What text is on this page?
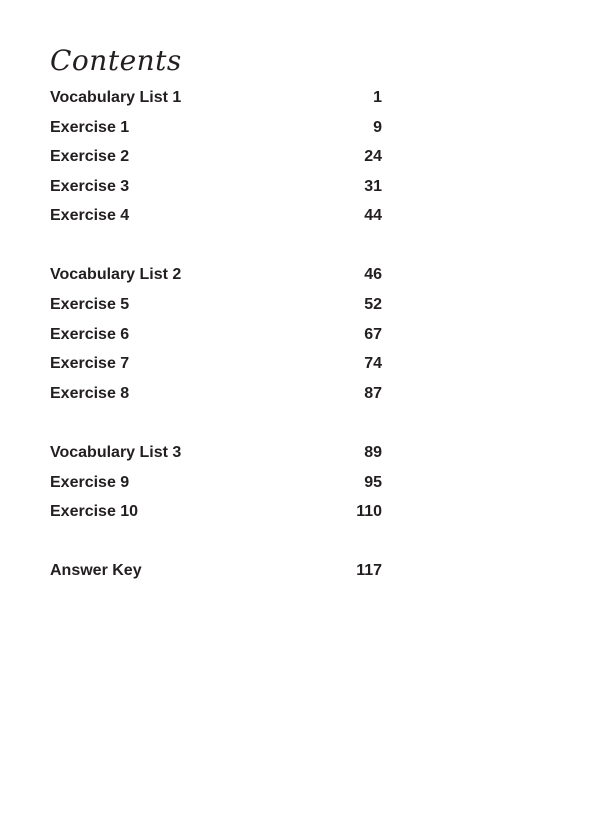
Contents
Vocabulary List 1	1
Exercise 1	9
Exercise 2	24
Exercise 3	31
Exercise 4	44
Vocabulary List 2	46
Exercise 5	52
Exercise 6	67
Exercise 7	74
Exercise 8	87
Vocabulary List 3	89
Exercise 9	95
Exercise 10	110
Answer Key	117
